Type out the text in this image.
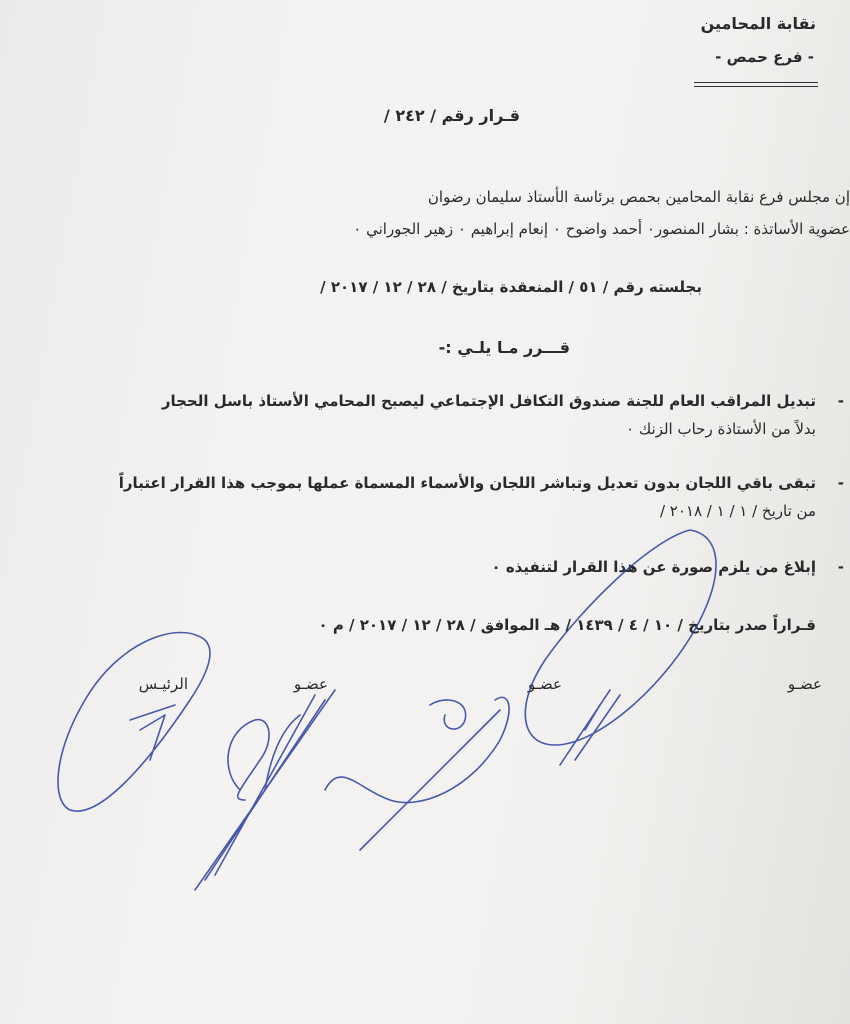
نقابة المحامين
- فرع حمص -
قـرار رقم / ٢٤٢ /
إن مجلس فرع نقابة المحامين بحمص برئاسة الأستاذ سليمان رضوان
عضوية الأساتذة : بشار المنصور٠ أحمد واضوح ٠ إنعام إبراهيم ٠ زهير الجوراني ٠
بجلسته رقم / ٥١ / المنعقدة بتاريخ / ٢٨ / ١٢ / ٢٠١٧ /
قـــرر مـا يلـي :-
-
تبديل المراقب العام للجنة صندوق التكافل الإجتماعي ليصبح المحامي الأستاذ باسل الحجار
بدلاً من الأستاذة رحاب الزنك ٠
-
تبقى باقي اللجان بدون تعديل وتباشر اللجان والأسماء المسماة عملها بموجب هذا القرار اعتباراً
من تاريخ / ١ / ١ / ٢٠١٨ /
-
إبلاغ من يلزم صورة عن هذا القرار لتنفيذه ٠
قـراراً صدر بتاريخ / ١٠ / ٤ / ١٤٣٩ / هـ الموافق / ٢٨ / ١٢ / ٢٠١٧ / م ٠
عضـو
عضـو
عضـو
الرئيـس
